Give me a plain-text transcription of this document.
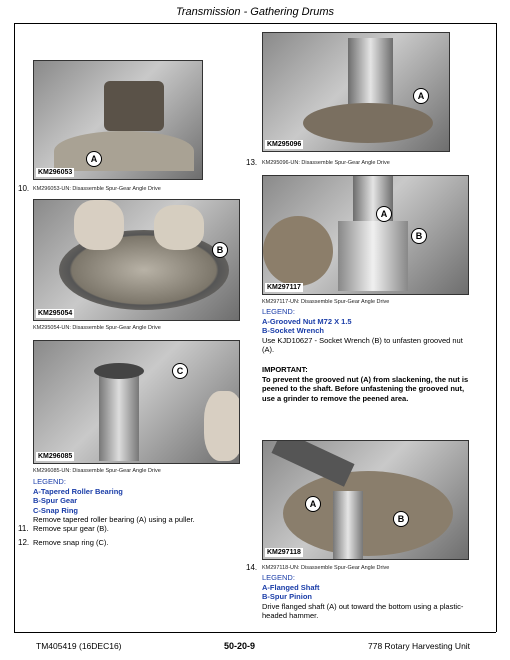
Transmission - Gathering Drums
A
KM296053
10. KM296053-UN: Disassemble Spur-Gear Angle Drive
B
KM295054
KM295054-UN: Disassemble Spur-Gear Angle Drive
C
KM296085
KM296085-UN: Disassemble Spur-Gear Angle Drive
LEGEND:
A-Tapered Roller Bearing
B-Spur Gear
C-Snap Ring
Remove tapered roller bearing (A) using a puller.
11. Remove spur gear (B).
12. Remove snap ring (C).
A
KM295096
13. KM295096-UN: Disassemble Spur-Gear Angle Drive
A
B
KM297117
KM297117-UN: Disassemble Spur-Gear Angle Drive
LEGEND:
A-Grooved Nut M72 X 1.5
B-Socket Wrench
Use KJD10627 - Socket Wrench (B) to unfasten grooved nut (A).
IMPORTANT:
To prevent the grooved nut (A) from slackening, the nut is peened to the shaft. Before unfastening the grooved nut, use a grinder to remove the peened area.
A
B
KM297118
14. KM297118-UN: Disassemble Spur-Gear Angle Drive
LEGEND:
A-Flanged Shaft
B-Spur Pinion
Drive flanged shaft (A) out toward the bottom using a plastic-headed hammer.
TM405419 (16DEC16)	50-20-9	778 Rotary Harvesting Unit
